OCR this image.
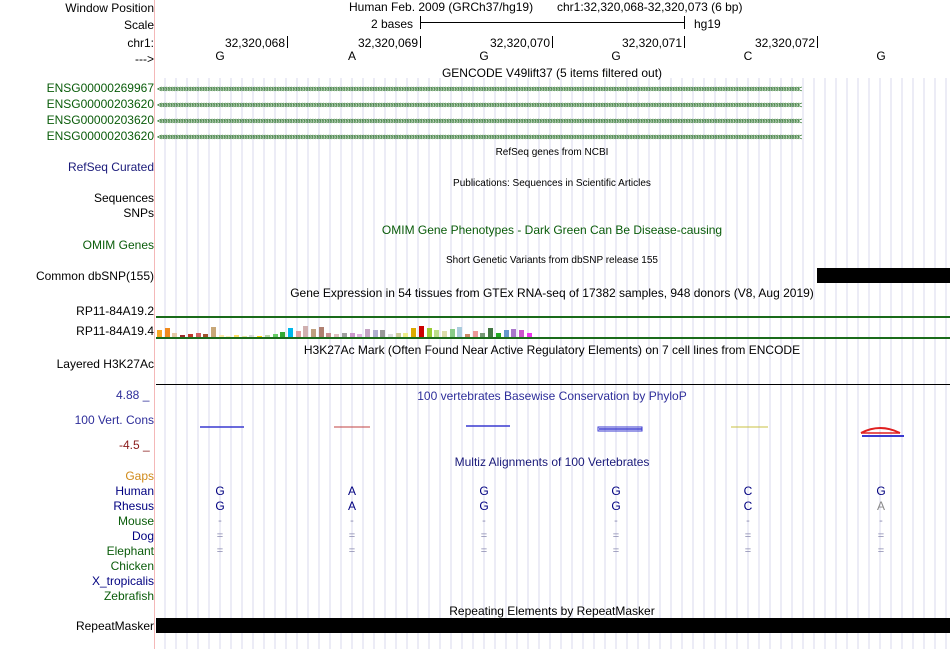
Window Position
Scale
chr1:
--->
Human Feb. 2009 (GRCh37/hg19) chr1:32,320,068-32,320,073 (6 bp)
2 bases	hg19
32,320,068	32,320,069	32,320,070	32,320,071	32,320,072
G	A	G	G	C	G
GENCODE V49lift37 (5 items filtered out)
ENSG00000269967
ENSG00000203620
ENSG00000203620
ENSG00000203620
<<<<<<<<<<<<<<<<<<<<<<<<<<<<<<<<<<<<<<<<<<<<<<<<<<<<<<<<<<<<<<<<<<<<<<<<<<<<<<<<<<<<<<<<<<<<<<<<<<<<<<<<<<<<<<<<<<<<<<<<<<<<<<<<<<<<<<<<<<<<<<<<<<<<<<<<<<<<<<<<<<<<<<<<<<<<<<<<<<<<<<<<<<<<<<<<<<<<<<<<<<<<<<<<<<<<<<<<<<<<<<<<<<<<<<<<<<<<<<<<<<
<<<<<<<<<<<<<<<<<<<<<<<<<<<<<<<<<<<<<<<<<<<<<<<<<<<<<<<<<<<<<<<<<<<<<<<<<<<<<<<<<<<<<<<<<<<<<<<<<<<<<<<<<<<<<<<<<<<<<<<<<<<<<<<<<<<<<<<<<<<<<<<<<<<<<<<<<<<<<<<<<<<<<<<<<<<<<<<<<<<<<<<<<<<<<<<<<<<<<<<<<<<<<<<<<<<<<<<<<<<<<<<<<<<<<<<<<<<<<<<<<<
<<<<<<<<<<<<<<<<<<<<<<<<<<<<<<<<<<<<<<<<<<<<<<<<<<<<<<<<<<<<<<<<<<<<<<<<<<<<<<<<<<<<<<<<<<<<<<<<<<<<<<<<<<<<<<<<<<<<<<<<<<<<<<<<<<<<<<<<<<<<<<<<<<<<<<<<<<<<<<<<<<<<<<<<<<<<<<<<<<<<<<<<<<<<<<<<<<<<<<<<<<<<<<<<<<<<<<<<<<<<<<<<<<<<<<<<<<<<<<<<<<
<<<<<<<<<<<<<<<<<<<<<<<<<<<<<<<<<<<<<<<<<<<<<<<<<<<<<<<<<<<<<<<<<<<<<<<<<<<<<<<<<<<<<<<<<<<<<<<<<<<<<<<<<<<<<<<<<<<<<<<<<<<<<<<<<<<<<<<<<<<<<<<<<<<<<<<<<<<<<<<<<<<<<<<<<<<<<<<<<<<<<<<<<<<<<<<<<<<<<<<<<<<<<<<<<<<<<<<<<<<<<<<<<<<<<<<<<<<<<<<<<<
RefSeq genes from NCBI
RefSeq Curated
Publications: Sequences in Scientific Articles
Sequences
SNPs
OMIM Gene Phenotypes - Dark Green Can Be Disease-causing
OMIM Genes
Short Genetic Variants from dbSNP release 155
Common dbSNP(155)
Gene Expression in 54 tissues from GTEx RNA-seq of 17382 samples, 948 donors (V8, Aug 2019)
RP11-84A19.2
RP11-84A19.4
H3K27Ac Mark (Often Found Near Active Regulatory Elements) on 7 cell lines from ENCODE
Layered H3K27Ac
100 vertebrates Basewise Conservation by PhyloP
4.88 _
100 Vert. Cons
-4.5 _
Gaps
Multiz Alignments of 100 Vertebrates
Human	G	A	G	G	C	G
Rhesus	G	A	G	G	C	A
Mouse	-	-	-	-	-	-
Dog	=	=	=	=	=	=
Elephant	=	=	=	=	=	=
Chicken
X_tropicalis
Zebrafish
Repeating Elements by RepeatMasker
RepeatMasker
